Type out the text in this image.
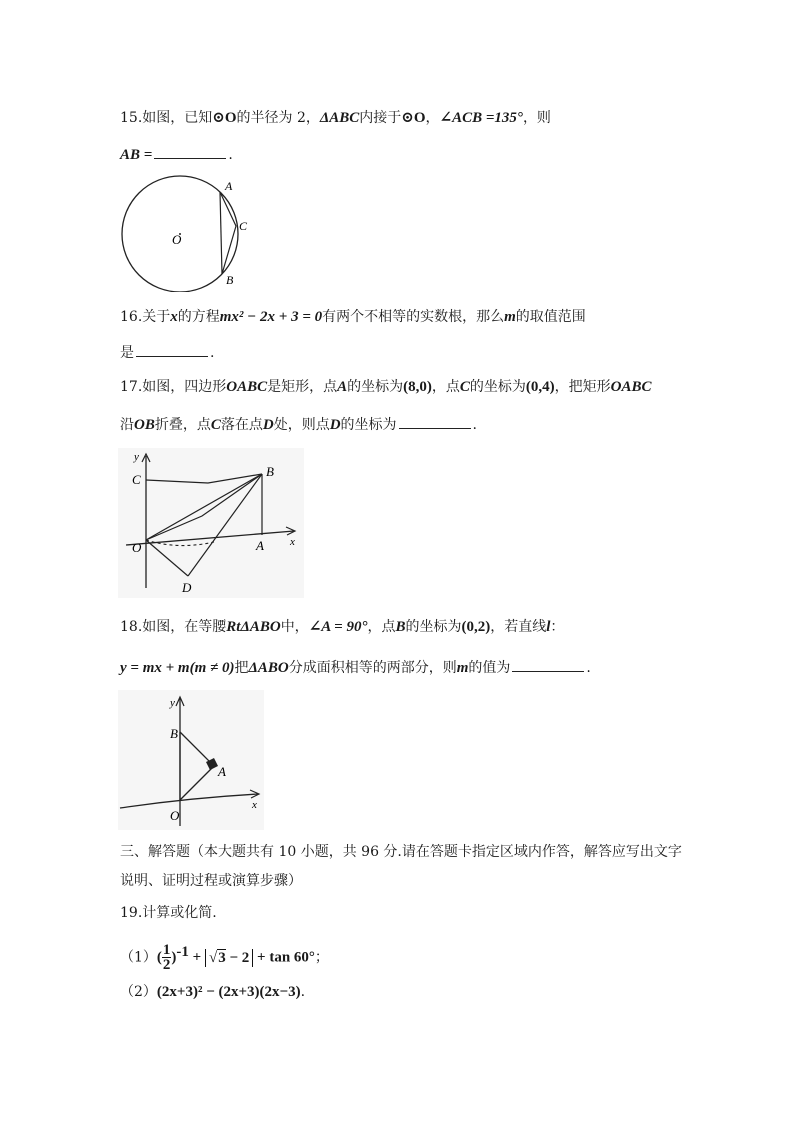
15.如图，已知⊙O的半径为 2，ΔABC内接于⊙O，∠ACB =135°，则
AB =	.
O
A
C
B
16.关于x的方程mx² − 2x + 3 = 0有两个不相等的实数根，那么m的取值范围
是	.
17.如图，四边形OABC是矩形，点A的坐标为(8,0)，点C的坐标为(0,4)，把矩形OABC
沿OB折叠，点C落在点D处，则点D的坐标为	.
y
x
C
B
O	A
D
18.如图，在等腰RtΔABO中，∠A = 90°，点B的坐标为(0,2)，若直线l：
y = mx + m(m ≠ 0)把ΔABO分成面积相等的两部分，则m的值为	.
y
x
B
A
O
三、解答题（本大题共有 10 小题，共 96 分.请在答题卡指定区域内作答，解答应写出文字
说明、证明过程或演算步骤）
19.计算或化简.
$(1)( \frac{1}{2} )^{-1} + √3 - 2 + \tan 60^\circ$；
（2）(2x+3)² − (2x+3)(2x−3).
